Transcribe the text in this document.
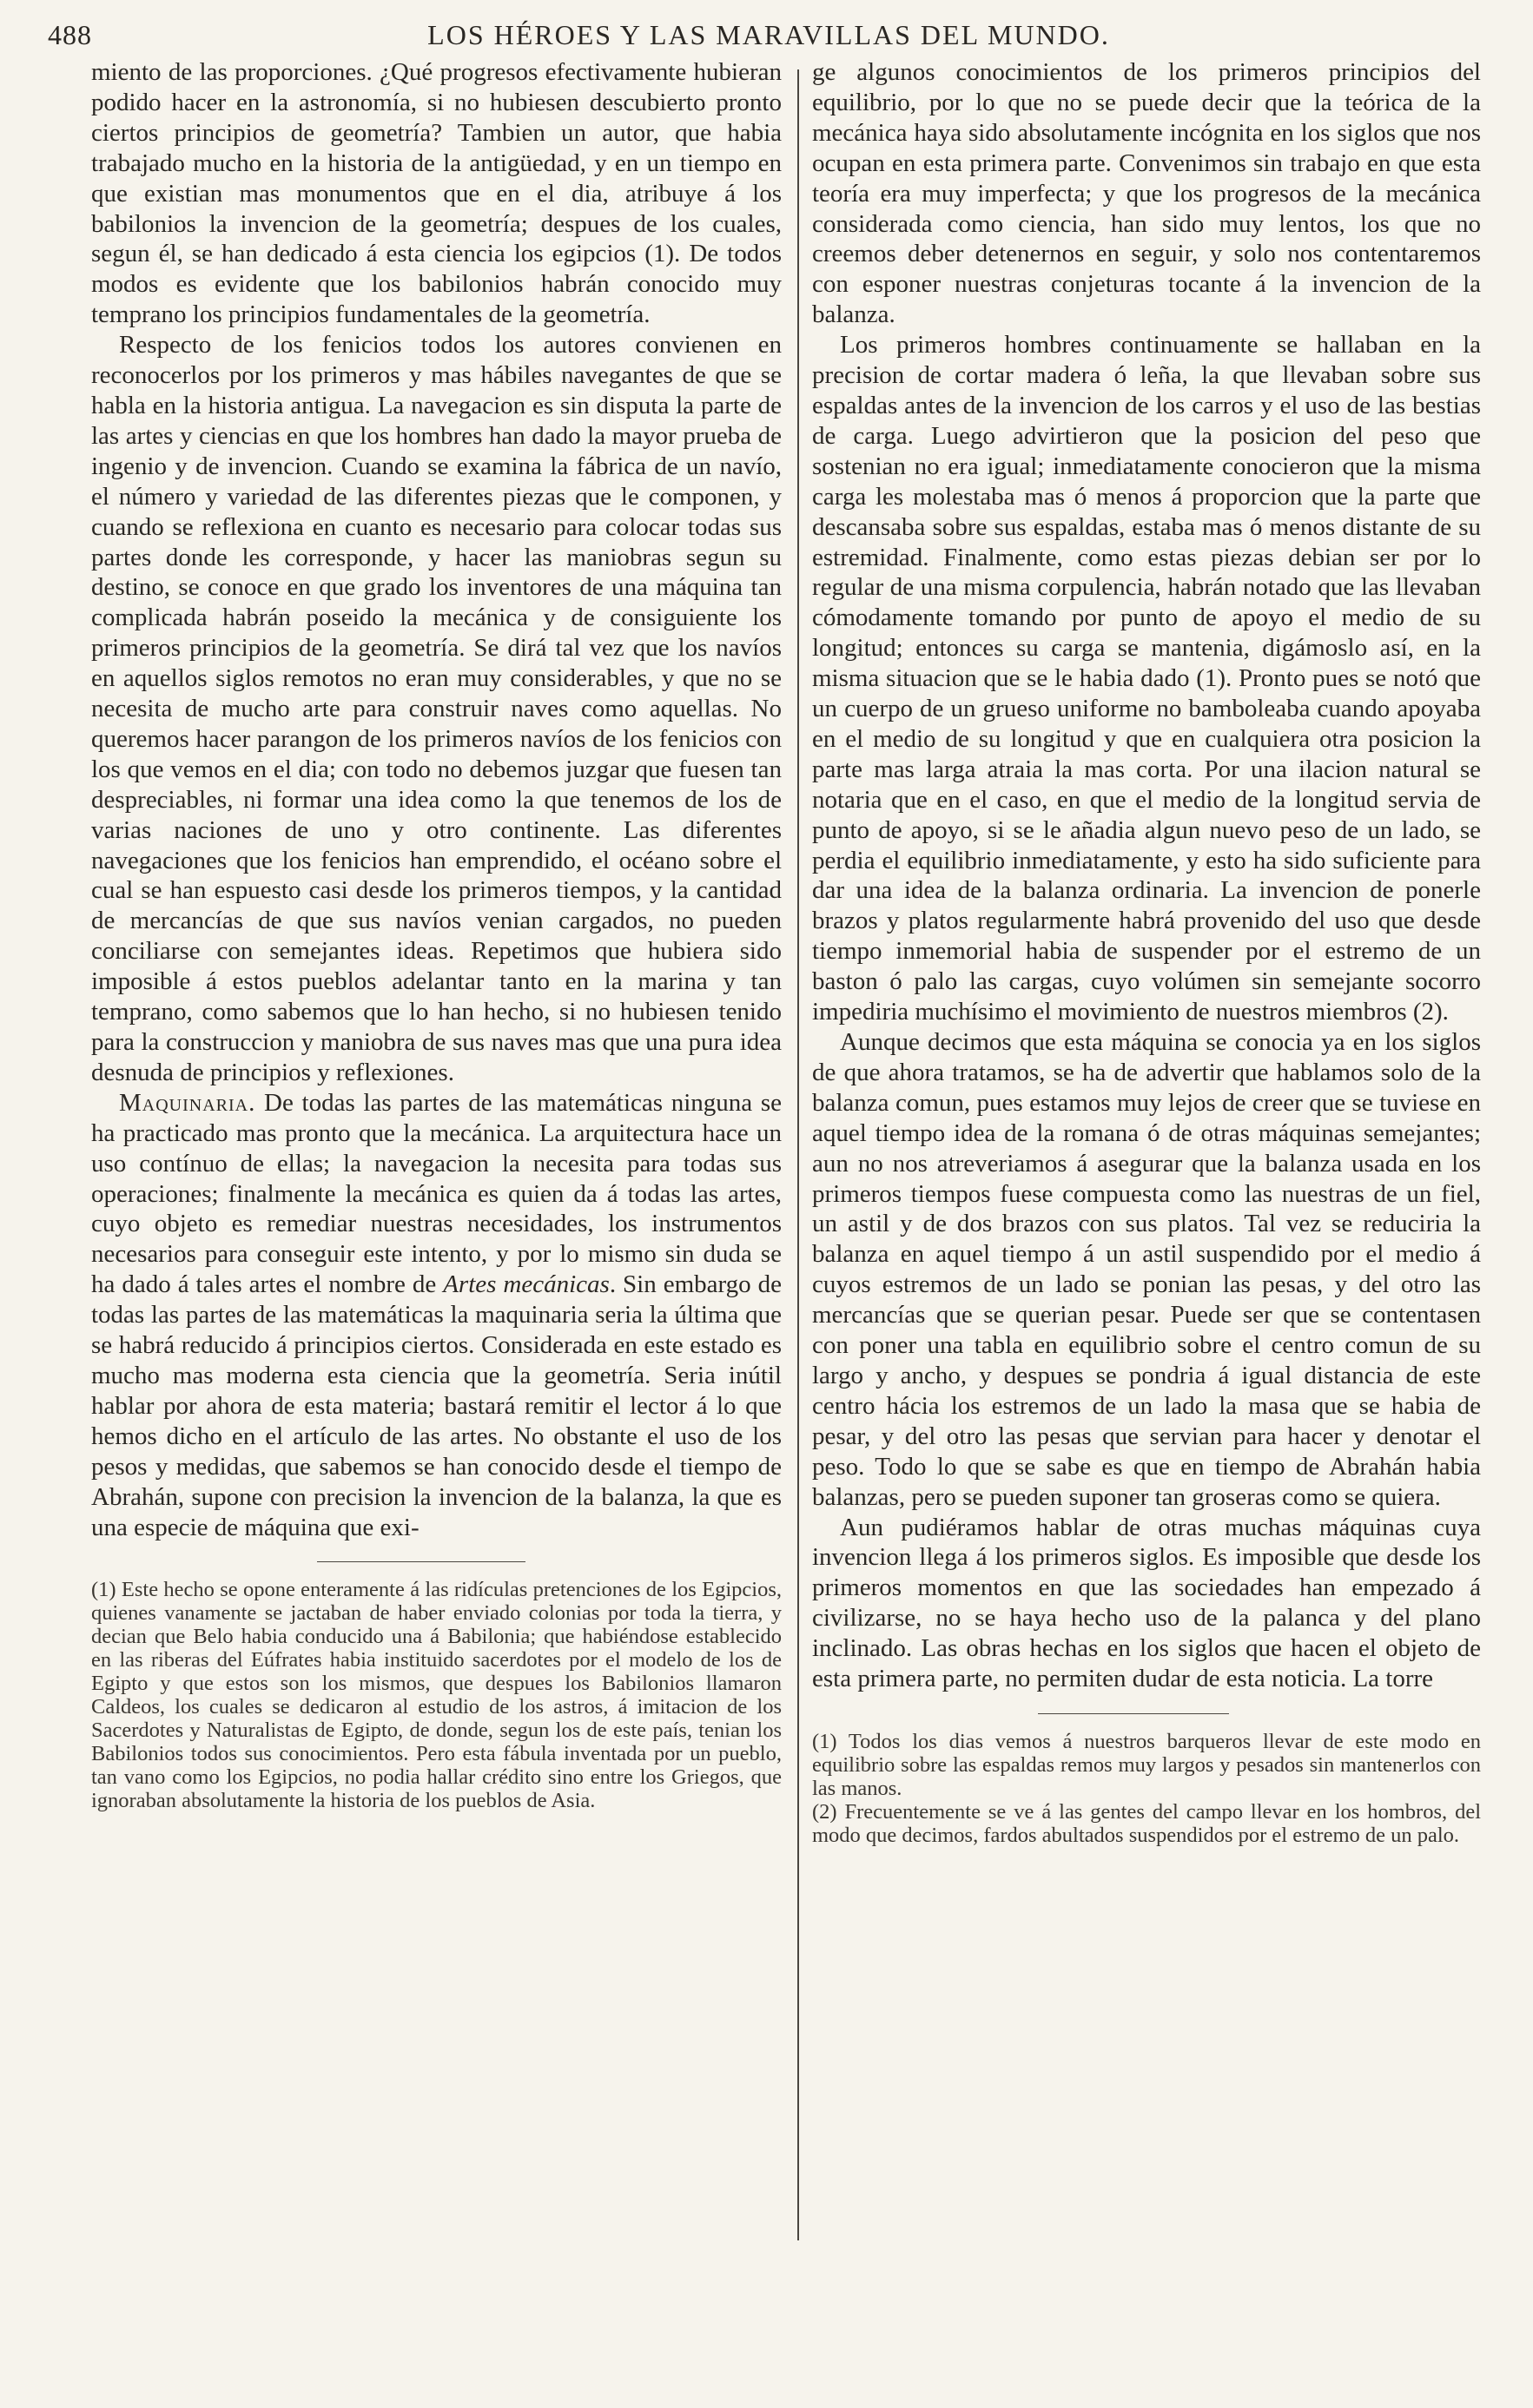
488	LOS HÉROES Y LAS MARAVILLAS DEL MUNDO.

miento de las proporciones. ¿Qué progresos efectivamente hubieran podido hacer en la astronomía, si no hubiesen descubierto pronto ciertos principios de geometría? Tambien un autor, que habia trabajado mucho en la historia de la antigüedad, y en un tiempo en que existian mas monumentos que en el dia, atribuye á los babilonios la invencion de la geometría; despues de los cuales, segun él, se han dedicado á esta ciencia los egipcios (1). De todos modos es evidente que los babilonios habrán conocido muy temprano los principios fundamentales de la geometría.

Respecto de los fenicios todos los autores convienen en reconocerlos por los primeros y mas hábiles navegantes de que se habla en la historia antigua. La navegacion es sin disputa la parte de las artes y ciencias en que los hombres han dado la mayor prueba de ingenio y de invencion. Cuando se examina la fábrica de un navío, el número y variedad de las diferentes piezas que le componen, y cuando se reflexiona en cuanto es necesario para colocar todas sus partes donde les corresponde, y hacer las maniobras segun su destino, se conoce en que grado los inventores de una máquina tan complicada habrán poseido la mecánica y de consiguiente los primeros principios de la geometría. Se dirá tal vez que los navíos en aquellos siglos remotos no eran muy considerables, y que no se necesita de mucho arte para construir naves como aquellas. No queremos hacer parangon de los primeros navíos de los fenicios con los que vemos en el dia; con todo no debemos juzgar que fuesen tan despreciables, ni formar una idea como la que tenemos de los de varias naciones de uno y otro continente. Las diferentes navegaciones que los fenicios han emprendido, el océano sobre el cual se han espuesto casi desde los primeros tiempos, y la cantidad de mercancías de que sus navíos venian cargados, no pueden conciliarse con semejantes ideas. Repetimos que hubiera sido imposible á estos pueblos adelantar tanto en la marina y tan temprano, como sabemos que lo han hecho, si no hubiesen tenido para la construccion y maniobra de sus naves mas que una pura idea desnuda de principios y reflexiones.

Maquinaria. De todas las partes de las matemáticas ninguna se ha practicado mas pronto que la mecánica. La arquitectura hace un uso contínuo de ellas; la navegacion la necesita para todas sus operaciones; finalmente la mecánica es quien da á todas las artes, cuyo objeto es remediar nuestras necesidades, los instrumentos necesarios para conseguir este intento, y por lo mismo sin duda se ha dado á tales artes el nombre de Artes mecánicas. Sin embargo de todas las partes de las matemáticas la maquinaria seria la última que se habrá reducido á principios ciertos. Considerada en este estado es mucho mas moderna esta ciencia que la geometría. Seria inútil hablar por ahora de esta materia; bastará remitir el lector á lo que hemos dicho en el artículo de las artes. No obstante el uso de los pesos y medidas, que sabemos se han conocido desde el tiempo de Abrahán, supone con precision la invencion de la balanza, la que es una especie de máquina que exi-

(1) Este hecho se opone enteramente á las ridículas pretenciones de los Egipcios, quienes vanamente se jactaban de haber enviado colonias por toda la tierra, y decian que Belo habia conducido una á Babilonia; que habiéndose establecido en las riberas del Eúfrates habia instituido sacerdotes por el modelo de los de Egipto y que estos son los mismos, que despues los Babilonios llamaron Caldeos, los cuales se dedicaron al estudio de los astros, á imitacion de los Sacerdotes y Naturalistas de Egipto, de donde, segun los de este país, tenian los Babilonios todos sus conocimientos. Pero esta fábula inventada por un pueblo, tan vano como los Egipcios, no podia hallar crédito sino entre los Griegos, que ignoraban absolutamente la historia de los pueblos de Asia.

ge algunos conocimientos de los primeros principios del equilibrio, por lo que no se puede decir que la teórica de la mecánica haya sido absolutamente incógnita en los siglos que nos ocupan en esta primera parte. Convenimos sin trabajo en que esta teoría era muy imperfecta; y que los progresos de la mecánica considerada como ciencia, han sido muy lentos, los que no creemos deber detenernos en seguir, y solo nos contentaremos con esponer nuestras conjeturas tocante á la invencion de la balanza.

Los primeros hombres continuamente se hallaban en la precision de cortar madera ó leña, la que llevaban sobre sus espaldas antes de la invencion de los carros y el uso de las bestias de carga. Luego advirtieron que la posicion del peso que sostenian no era igual; inmediatamente conocieron que la misma carga les molestaba mas ó menos á proporcion que la parte que descansaba sobre sus espaldas, estaba mas ó menos distante de su estremidad. Finalmente, como estas piezas debian ser por lo regular de una misma corpulencia, habrán notado que las llevaban cómodamente tomando por punto de apoyo el medio de su longitud; entonces su carga se mantenia, digámoslo así, en la misma situacion que se le habia dado (1). Pronto pues se notó que un cuerpo de un grueso uniforme no bamboleaba cuando apoyaba en el medio de su longitud y que en cualquiera otra posicion la parte mas larga atraia la mas corta. Por una ilacion natural se notaria que en el caso, en que el medio de la longitud servia de punto de apoyo, si se le añadia algun nuevo peso de un lado, se perdia el equilibrio inmediatamente, y esto ha sido suficiente para dar una idea de la balanza ordinaria. La invencion de ponerle brazos y platos regularmente habrá provenido del uso que desde tiempo inmemorial habia de suspender por el estremo de un baston ó palo las cargas, cuyo volúmen sin semejante socorro impediria muchísimo el movimiento de nuestros miembros (2).

Aunque decimos que esta máquina se conocia ya en los siglos de que ahora tratamos, se ha de advertir que hablamos solo de la balanza comun, pues estamos muy lejos de creer que se tuviese en aquel tiempo idea de la romana ó de otras máquinas semejantes; aun no nos atreveriamos á asegurar que la balanza usada en los primeros tiempos fuese compuesta como las nuestras de un fiel, un astil y de dos brazos con sus platos. Tal vez se reduciria la balanza en aquel tiempo á un astil suspendido por el medio á cuyos estremos de un lado se ponian las pesas, y del otro las mercancías que se querian pesar. Puede ser que se contentasen con poner una tabla en equilibrio sobre el centro comun de su largo y ancho, y despues se pondria á igual distancia de este centro hácia los estremos de un lado la masa que se habia de pesar, y del otro las pesas que servian para hacer y denotar el peso. Todo lo que se sabe es que en tiempo de Abrahán habia balanzas, pero se pueden suponer tan groseras como se quiera.

Aun pudiéramos hablar de otras muchas máquinas cuya invencion llega á los primeros siglos. Es imposible que desde los primeros momentos en que las sociedades han empezado á civilizarse, no se haya hecho uso de la palanca y del plano inclinado. Las obras hechas en los siglos que hacen el objeto de esta primera parte, no permiten dudar de esta noticia. La torre

(1) Todos los dias vemos á nuestros barqueros llevar de este modo en equilibrio sobre las espaldas remos muy largos y pesados sin mantenerlos con las manos.

(2) Frecuentemente se ve á las gentes del campo llevar en los hombros, del modo que decimos, fardos abultados suspendidos por el estremo de un palo.
